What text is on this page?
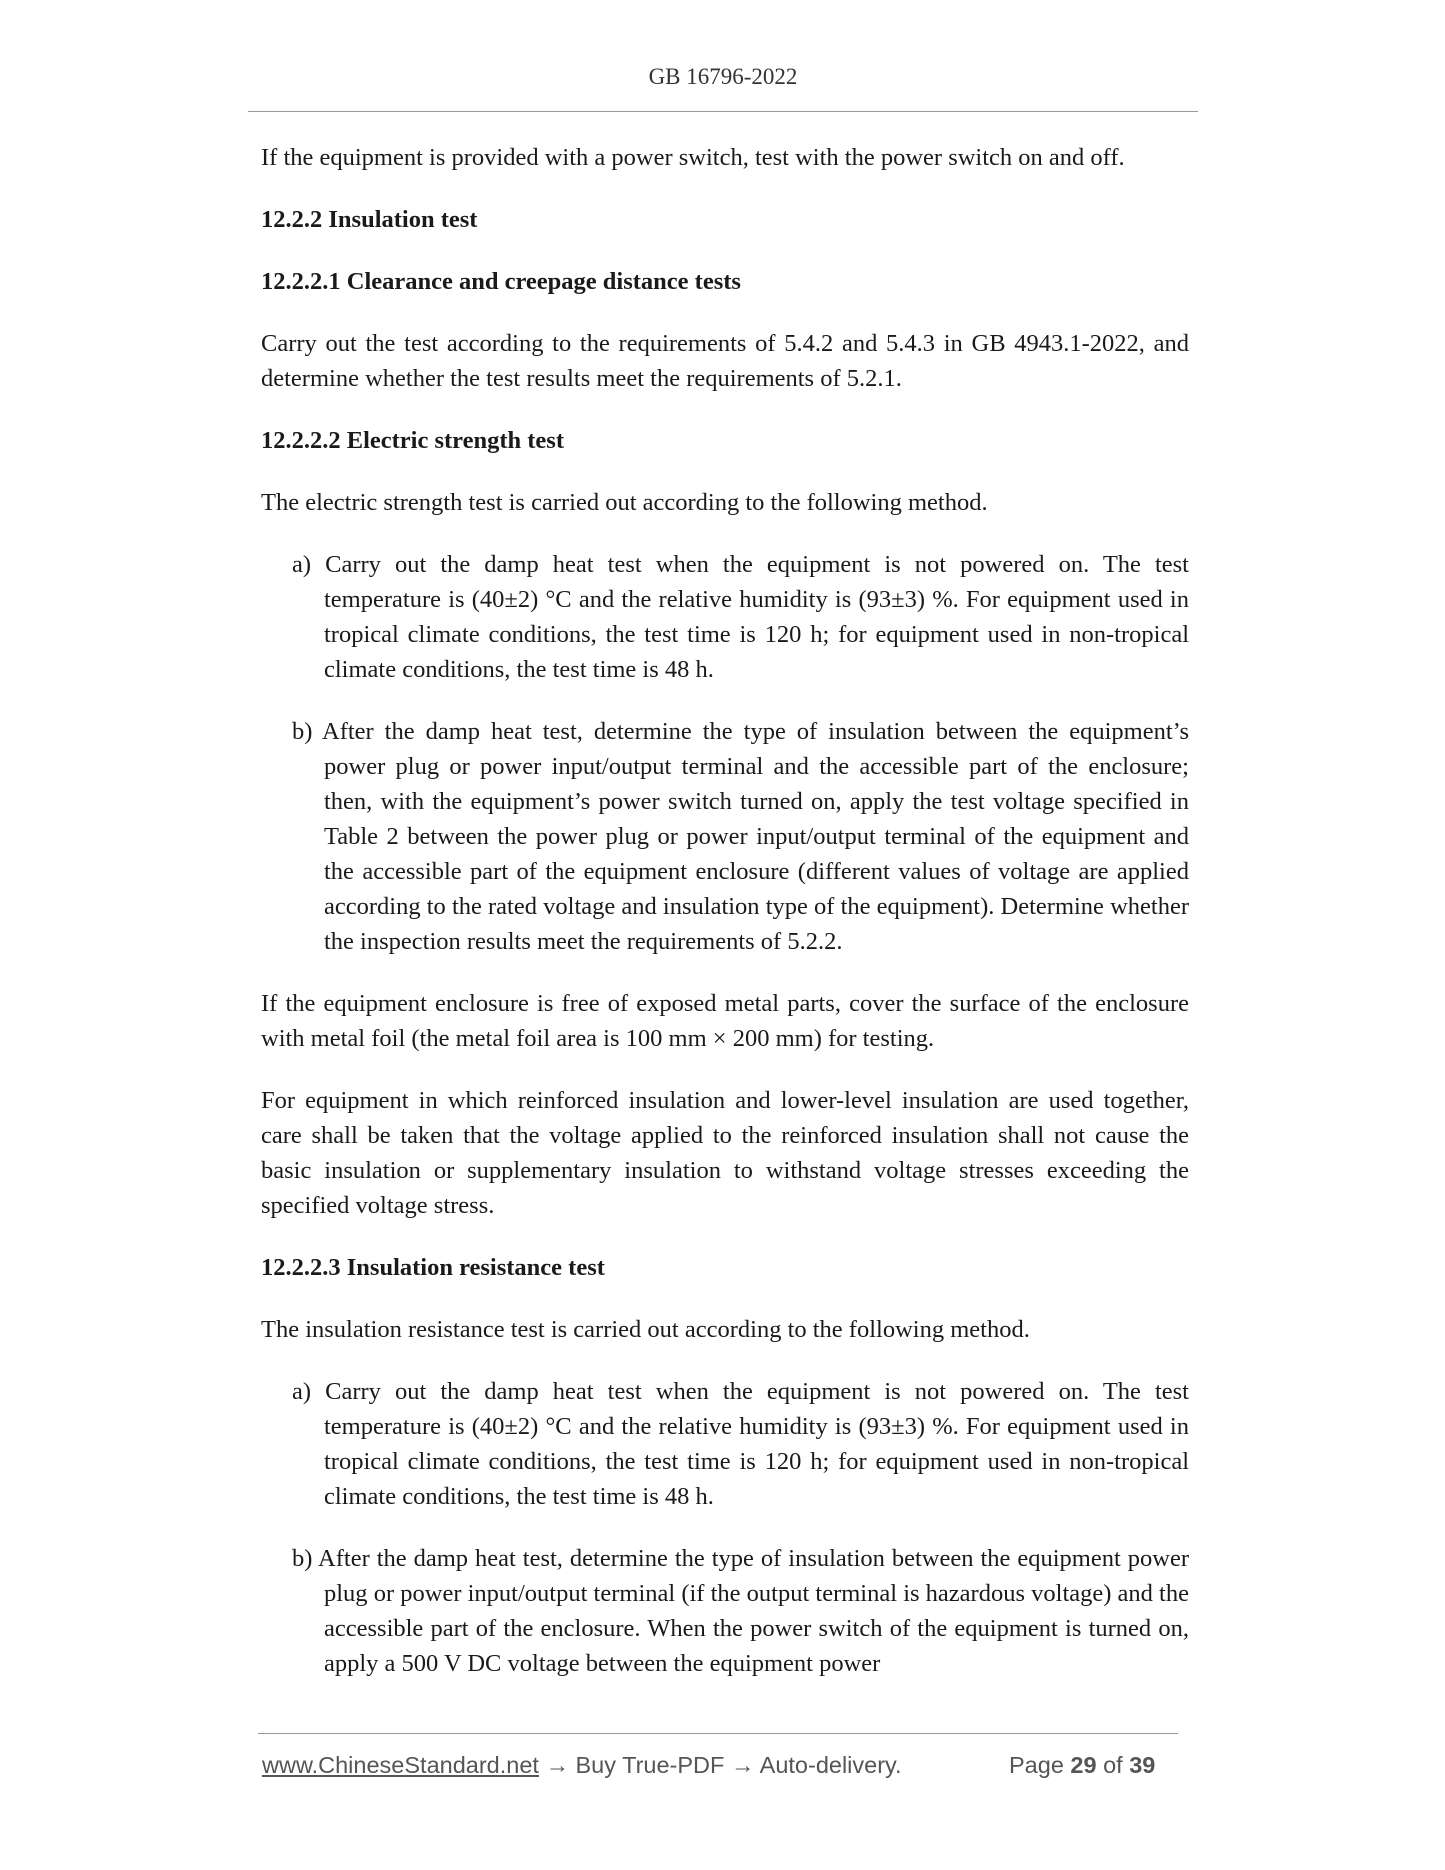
GB 16796-2022

If the equipment is provided with a power switch, test with the power switch on and off.

12.2.2 Insulation test

12.2.2.1 Clearance and creepage distance tests

Carry out the test according to the requirements of 5.4.2 and 5.4.3 in GB 4943.1-2022, and determine whether the test results meet the requirements of 5.2.1.

12.2.2.2 Electric strength test

The electric strength test is carried out according to the following method.

a) Carry out the damp heat test when the equipment is not powered on. The test temperature is (40±2) °C and the relative humidity is (93±3) %. For equipment used in tropical climate conditions, the test time is 120 h; for equipment used in non-tropical climate conditions, the test time is 48 h.

b) After the damp heat test, determine the type of insulation between the equipment’s power plug or power input/output terminal and the accessible part of the enclosure; then, with the equipment’s power switch turned on, apply the test voltage specified in Table 2 between the power plug or power input/output terminal of the equipment and the accessible part of the equipment enclosure (different values of voltage are applied according to the rated voltage and insulation type of the equipment). Determine whether the inspection results meet the requirements of 5.2.2.

If the equipment enclosure is free of exposed metal parts, cover the surface of the enclosure with metal foil (the metal foil area is 100 mm × 200 mm) for testing.

For equipment in which reinforced insulation and lower-level insulation are used together, care shall be taken that the voltage applied to the reinforced insulation shall not cause the basic insulation or supplementary insulation to withstand voltage stresses exceeding the specified voltage stress.

12.2.2.3 Insulation resistance test

The insulation resistance test is carried out according to the following method.

a) Carry out the damp heat test when the equipment is not powered on. The test temperature is (40±2) °C and the relative humidity is (93±3) %. For equipment used in tropical climate conditions, the test time is 120 h; for equipment used in non-tropical climate conditions, the test time is 48 h.

b) After the damp heat test, determine the type of insulation between the equipment power plug or power input/output terminal (if the output terminal is hazardous voltage) and the accessible part of the enclosure. When the power switch of the equipment is turned on, apply a 500 V DC voltage between the equipment power

www.ChineseStandard.net → Buy True-PDF → Auto-delivery.	Page 29 of 39
